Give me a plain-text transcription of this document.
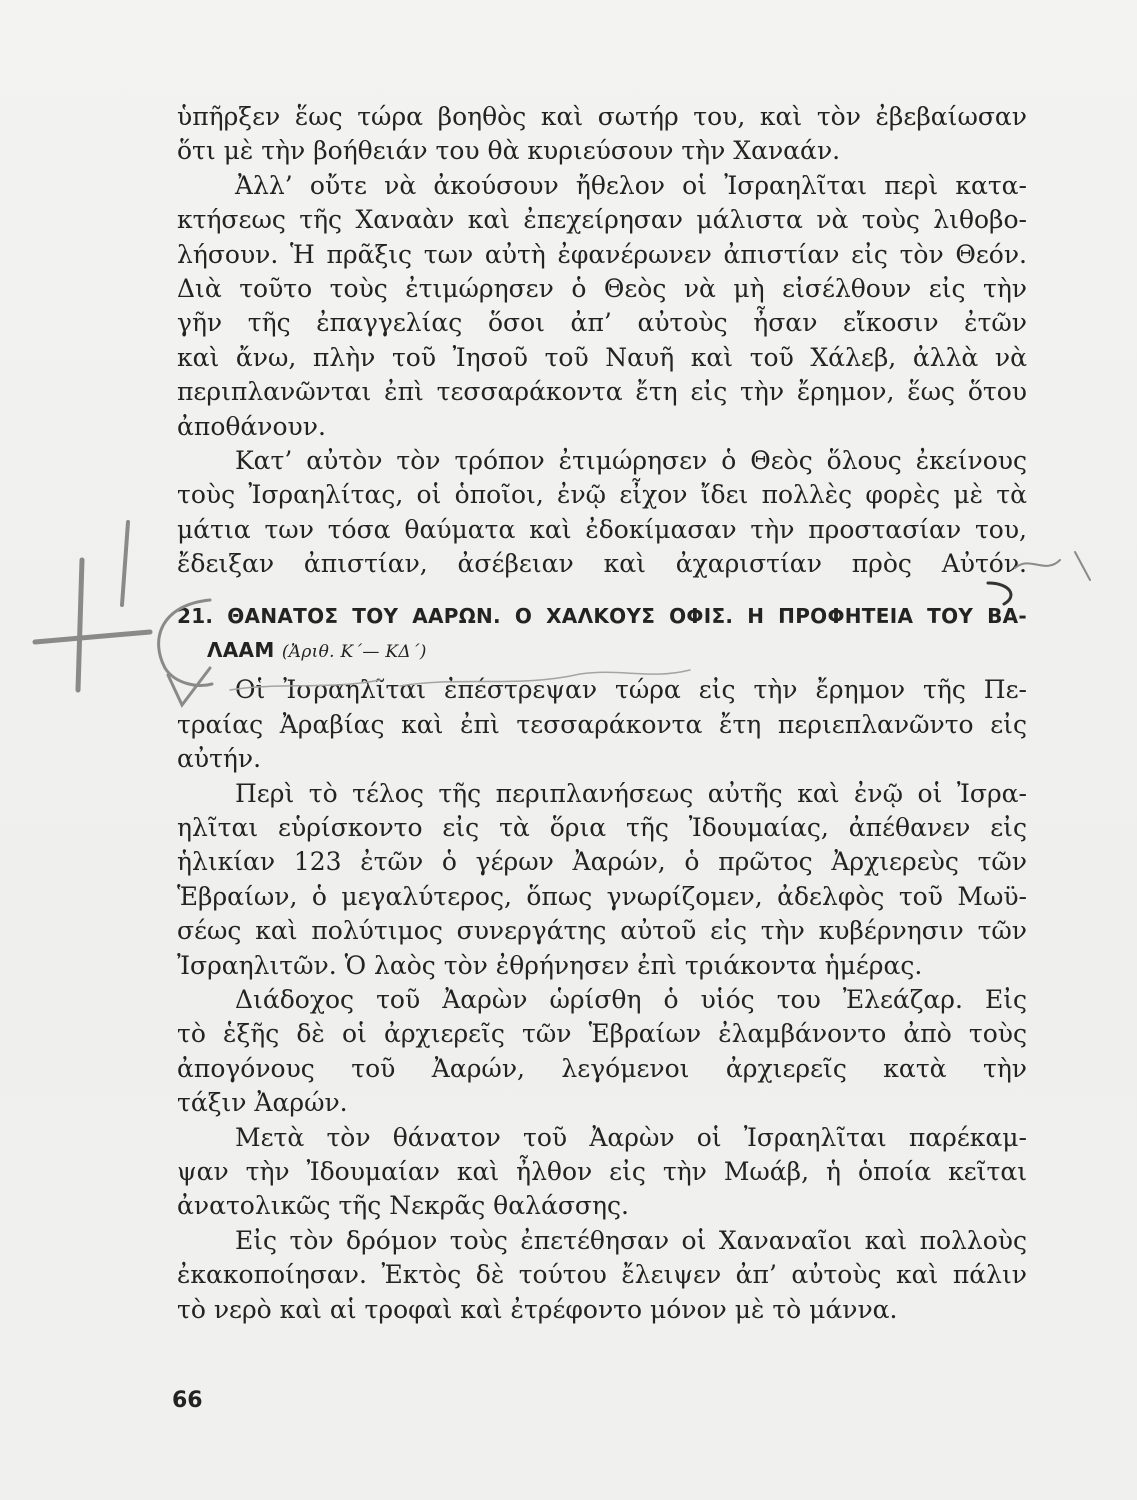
ὑπῆρξεν ἕως τώρα βοηθὸς καὶ σωτήρ του, καὶ τὸν ἐβεβαίωσαν
ὅτι μὲ τὴν βοήθειάν του θὰ κυριεύσουν τὴν Χαναάν.
Ἀλλ’ οὔτε νὰ ἀκούσουν ἤθελον οἱ Ἰσραηλῖται περὶ κατα-
κτήσεως τῆς Χαναὰν καὶ ἐπεχείρησαν μάλιστα νὰ τοὺς λιθοβο-
λήσουν. Ἡ πρᾶξις των αὐτὴ ἐφανέρωνεν ἀπιστίαν εἰς τὸν Θεόν.
Διὰ τοῦτο τοὺς ἐτιμώρησεν ὁ Θεὸς νὰ μὴ εἰσέλθουν εἰς τὴν
γῆν τῆς ἐπαγγελίας ὅσοι ἀπ’ αὐτοὺς ἦσαν εἴκοσιν ἐτῶν
καὶ ἄνω, πλὴν τοῦ Ἰησοῦ τοῦ Ναυῆ καὶ τοῦ Χάλεβ, ἀλλὰ νὰ
περιπλανῶνται ἐπὶ τεσσαράκοντα ἔτη εἰς τὴν ἔρημον, ἕως ὅτου
ἀποθάνουν.
Κατ’ αὐτὸν τὸν τρόπον ἐτιμώρησεν ὁ Θεὸς ὅλους ἐκείνους
τοὺς Ἰσραηλίτας, οἱ ὁποῖοι, ἐνῷ εἶχον ἴδει πολλὲς φορὲς μὲ τὰ
μάτια των τόσα θαύματα καὶ ἐδοκίμασαν τὴν προστασίαν του,
ἔδειξαν ἀπιστίαν, ἀσέβειαν καὶ ἀχαριστίαν πρὸς Αὐτόν.
21. ΘΑΝΑΤΟΣ ΤΟΥ ΑΑΡΩΝ. Ο ΧΑΛΚΟΥΣ ΟΦΙΣ. Η ΠΡΟΦΗΤΕΙΑ ΤΟΥ ΒΑ-
ΛΑΑΜ (Ἀριθ. Κ΄— ΚΔ΄)
Οἱ Ἰσραηλῖται ἐπέστρεψαν τώρα εἰς τὴν ἔρημον τῆς Πε-
τραίας Ἀραβίας καὶ ἐπὶ τεσσαράκοντα ἔτη περιεπλανῶντο εἰς
αὐτήν.
Περὶ τὸ τέλος τῆς περιπλανήσεως αὐτῆς καὶ ἐνῷ οἱ Ἰσρα-
ηλῖται εὑρίσκοντο εἰς τὰ ὅρια τῆς Ἰδουμαίας, ἀπέθανεν εἰς
ἡλικίαν 123 ἐτῶν ὁ γέρων Ἀαρών, ὁ πρῶτος Ἀρχιερεὺς τῶν
Ἑβραίων, ὁ μεγαλύτερος, ὅπως γνωρίζομεν, ἀδελφὸς τοῦ Μωϋ-
σέως καὶ πολύτιμος συνεργάτης αὐτοῦ εἰς τὴν κυβέρνησιν τῶν
Ἰσραηλιτῶν. Ὁ λαὸς τὸν ἐθρήνησεν ἐπὶ τριάκοντα ἡμέρας.
Διάδοχος τοῦ Ἀαρὼν ὡρίσθη ὁ υἱός του Ἐλεάζαρ. Εἰς
τὸ ἑξῆς δὲ οἱ ἀρχιερεῖς τῶν Ἑβραίων ἐλαμβάνοντο ἀπὸ τοὺς
ἀπογόνους τοῦ Ἀαρών, λεγόμενοι ἀρχιερεῖς κατὰ τὴν
τάξιν Ἀαρών.
Μετὰ τὸν θάνατον τοῦ Ἀαρὼν οἱ Ἰσραηλῖται παρέκαμ-
ψαν τὴν Ἰδουμαίαν καὶ ἦλθον εἰς τὴν Μωάβ, ἡ ὁποία κεῖται
ἀνατολικῶς τῆς Νεκρᾶς θαλάσσης.
Εἰς τὸν δρόμον τοὺς ἐπετέθησαν οἱ Χαναναῖοι καὶ πολλοὺς
ἐκακοποίησαν. Ἐκτὸς δὲ τούτου ἔλειψεν ἀπ’ αὐτοὺς καὶ πάλιν
τὸ νερὸ καὶ αἱ τροφαὶ καὶ ἐτρέφοντο μόνον μὲ τὸ μάννα.
66
